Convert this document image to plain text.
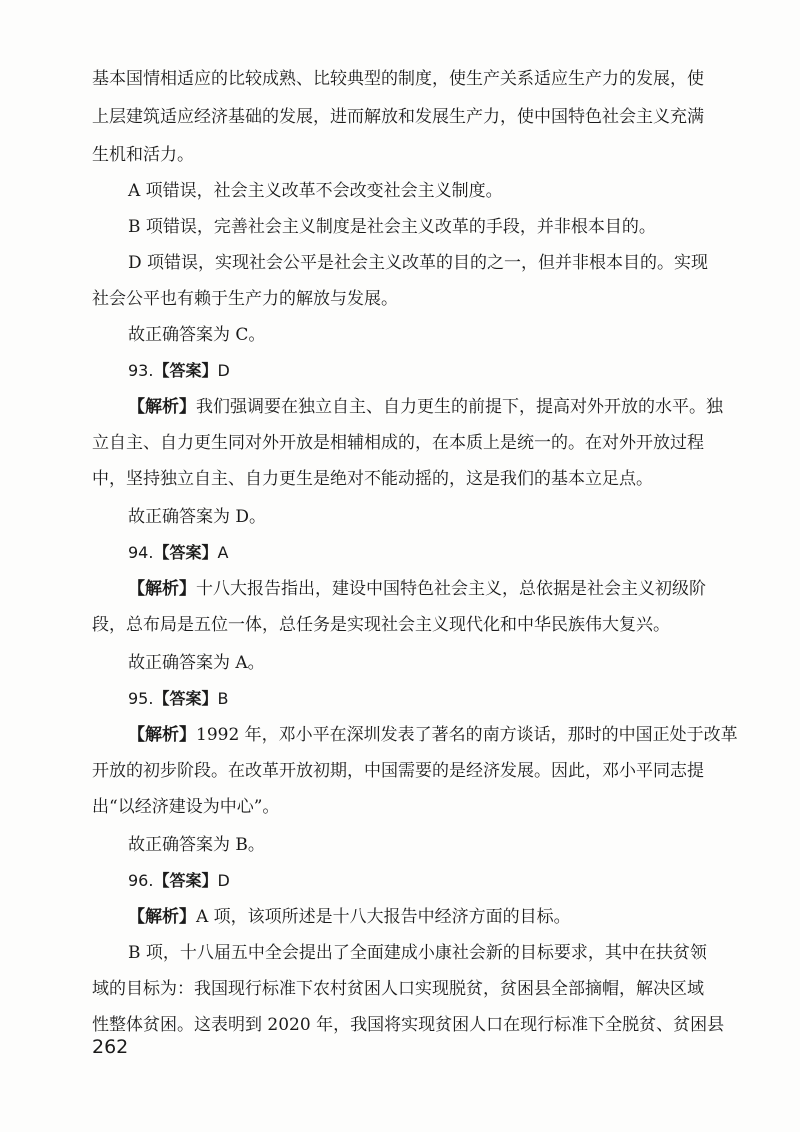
基本国情相适应的比较成熟、比较典型的制度，使生产关系适应生产力的发展，使
上层建筑适应经济基础的发展，进而解放和发展生产力，使中国特色社会主义充满
生机和活力。
A 项错误，社会主义改革不会改变社会主义制度。
B 项错误，完善社会主义制度是社会主义改革的手段，并非根本目的。
D 项错误，实现社会公平是社会主义改革的目的之一，但并非根本目的。实现
社会公平也有赖于生产力的解放与发展。
故正确答案为 C。
93.【答案】D
【解析】我们强调要在独立自主、自力更生的前提下，提高对外开放的水平。独
立自主、自力更生同对外开放是相辅相成的，在本质上是统一的。在对外开放过程
中，坚持独立自主、自力更生是绝对不能动摇的，这是我们的基本立足点。
故正确答案为 D。
94.【答案】A
【解析】十八大报告指出，建设中国特色社会主义，总依据是社会主义初级阶
段，总布局是五位一体，总任务是实现社会主义现代化和中华民族伟大复兴。
故正确答案为 A。
95.【答案】B
【解析】1992 年，邓小平在深圳发表了著名的南方谈话，那时的中国正处于改革
开放的初步阶段。在改革开放初期，中国需要的是经济发展。因此，邓小平同志提
出“以经济建设为中心”。
故正确答案为 B。
96.【答案】D
【解析】A 项，该项所述是十八大报告中经济方面的目标。
B 项，十八届五中全会提出了全面建成小康社会新的目标要求，其中在扶贫领
域的目标为：我国现行标准下农村贫困人口实现脱贫，贫困县全部摘帽，解决区域
性整体贫困。这表明到 2020 年，我国将实现贫困人口在现行标准下全脱贫、贫困县
262
